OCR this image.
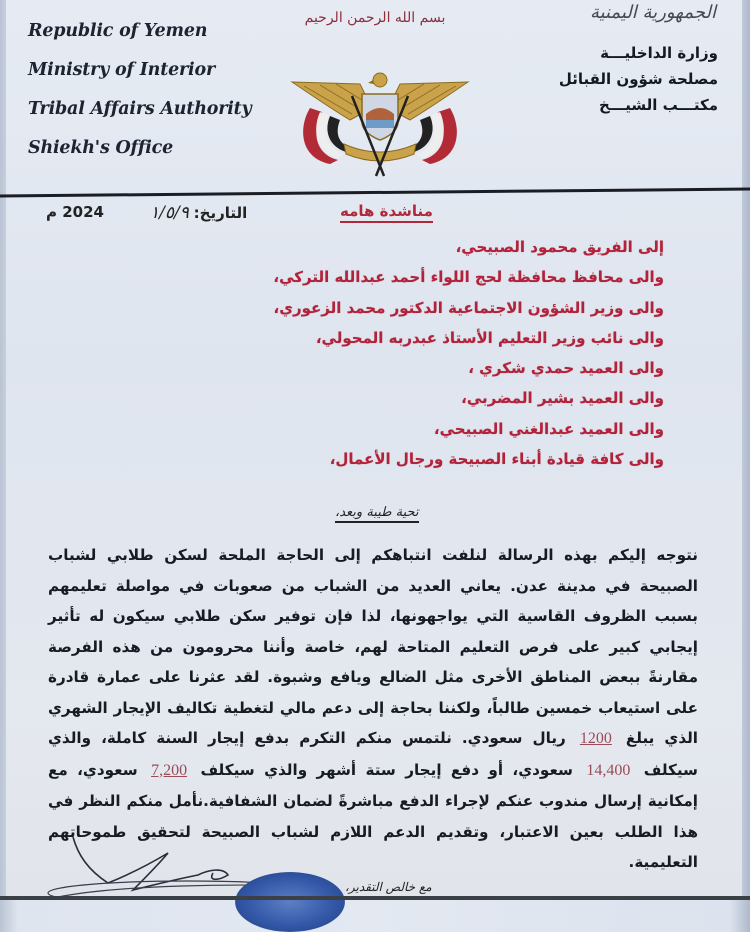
Republic of Yemen
Ministry of Interior
Tribal Affairs Authority
Shiekh's Office
بسم الله الرحمن الرحيم	الجمهورية اليمنية
وزارة الداخليـــة
مصلحة شؤون القبائل
مكتـــب الشيـــخ
مناشدة هامه
التاريخ: ١/٥/٩
2024 م
إلى الفريق محمود الصبيحي،
والى محافظ محافظة لحج اللواء أحمد عبدالله التركي،
والى وزير الشؤون الاجتماعية الدكتور محمد الزعوري،
والى نائب وزير التعليم الأستاذ عبدربه المحولي،
والى العميد حمدي شكري ،
والى العميد بشير المضربي،
والى العميد عبدالغني الصبيحي،
والى كافة قيادة أبناء الصبيحة ورجال الأعمال،
تحية طيبة وبعد،
نتوجه إليكم بهذه الرسالة لنلفت انتباهكم إلى الحاجة الملحة لسكن طلابي لشباب الصبيحة في مدينة عدن. يعاني العديد من الشباب من صعوبات في مواصلة تعليمهم بسبب الظروف القاسية التي يواجهونها، لذا فإن توفير سكن طلابي سيكون له تأثير إيجابي كبير على فرص التعليم المتاحة لهم، خاصة وأننا محرومون من هذه الفرصة مقارنةً ببعض المناطق الأخرى مثل الضالع ويافع وشبوة. لقد عثرنا على عمارة قادرة على استيعاب خمسين طالباً، ولكننا بحاجة إلى دعم مالي لتغطية تكاليف الإيجار الشهري الذي يبلغ 1200 ريال سعودي. نلتمس منكم التكرم بدفع إيجار السنة كاملة، والذي سيكلف 14,400 سعودي، أو دفع إيجار ستة أشهر والذي سيكلف 7,200 سعودي، مع إمكانية إرسال مندوب عنكم لإجراء الدفع مباشرةً لضمان الشفافية.نأمل منكم النظر في هذا الطلب بعين الاعتبار، وتقديم الدعم اللازم لشباب الصبيحة لتحقيق طموحاتهم التعليمية.
مع خالص التقدير،
